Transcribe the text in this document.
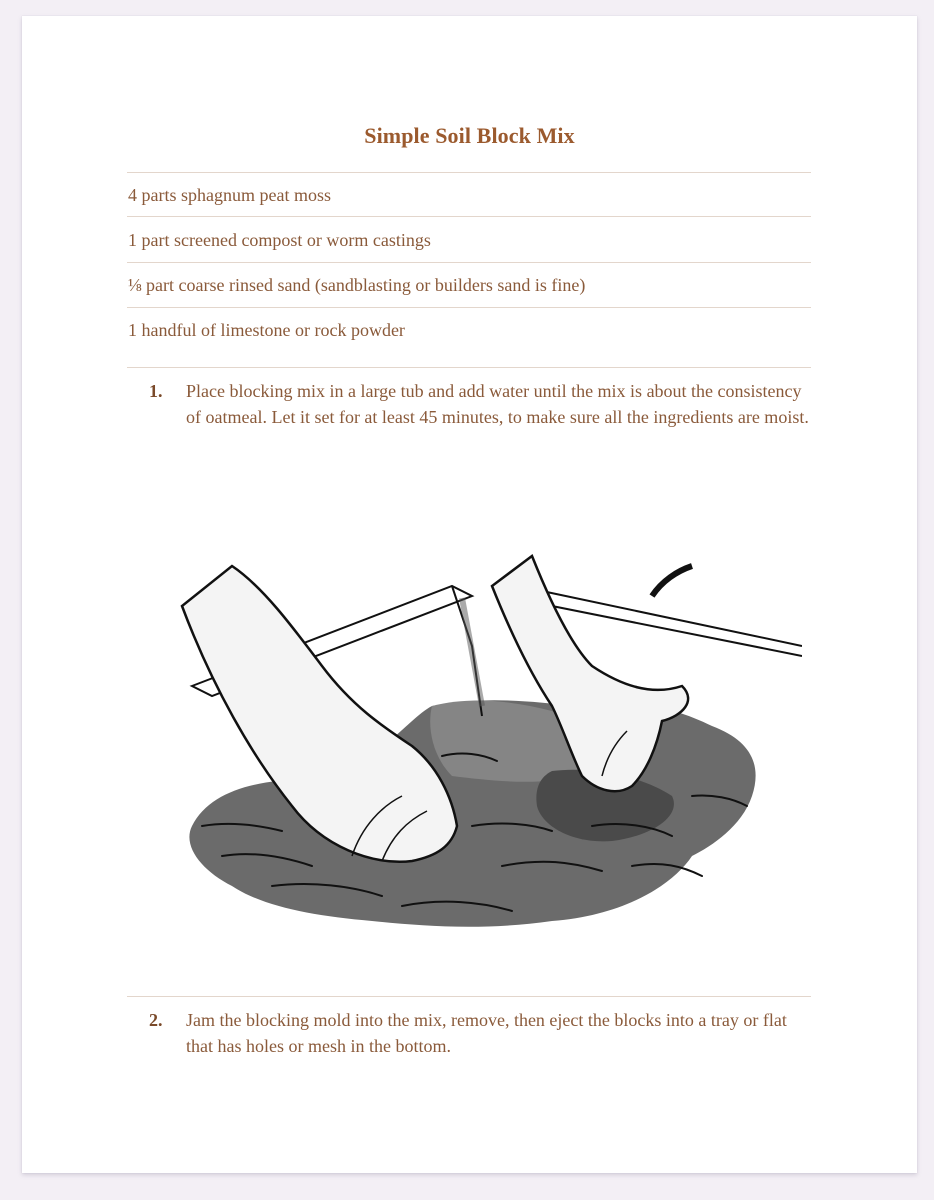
Simple Soil Block Mix
4 parts sphagnum peat moss
1 part screened compost or worm castings
⅛ part coarse rinsed sand (sandblasting or builders sand is fine)
1 handful of limestone or rock powder
1.	Place blocking mix in a large tub and add water until the mix is about the consistency of oatmeal. Let it set for at least 45 minutes, to make sure all the ingredients are moist.
2.	Jam the blocking mold into the mix, remove, then eject the blocks into a tray or flat that has holes or mesh in the bottom.
